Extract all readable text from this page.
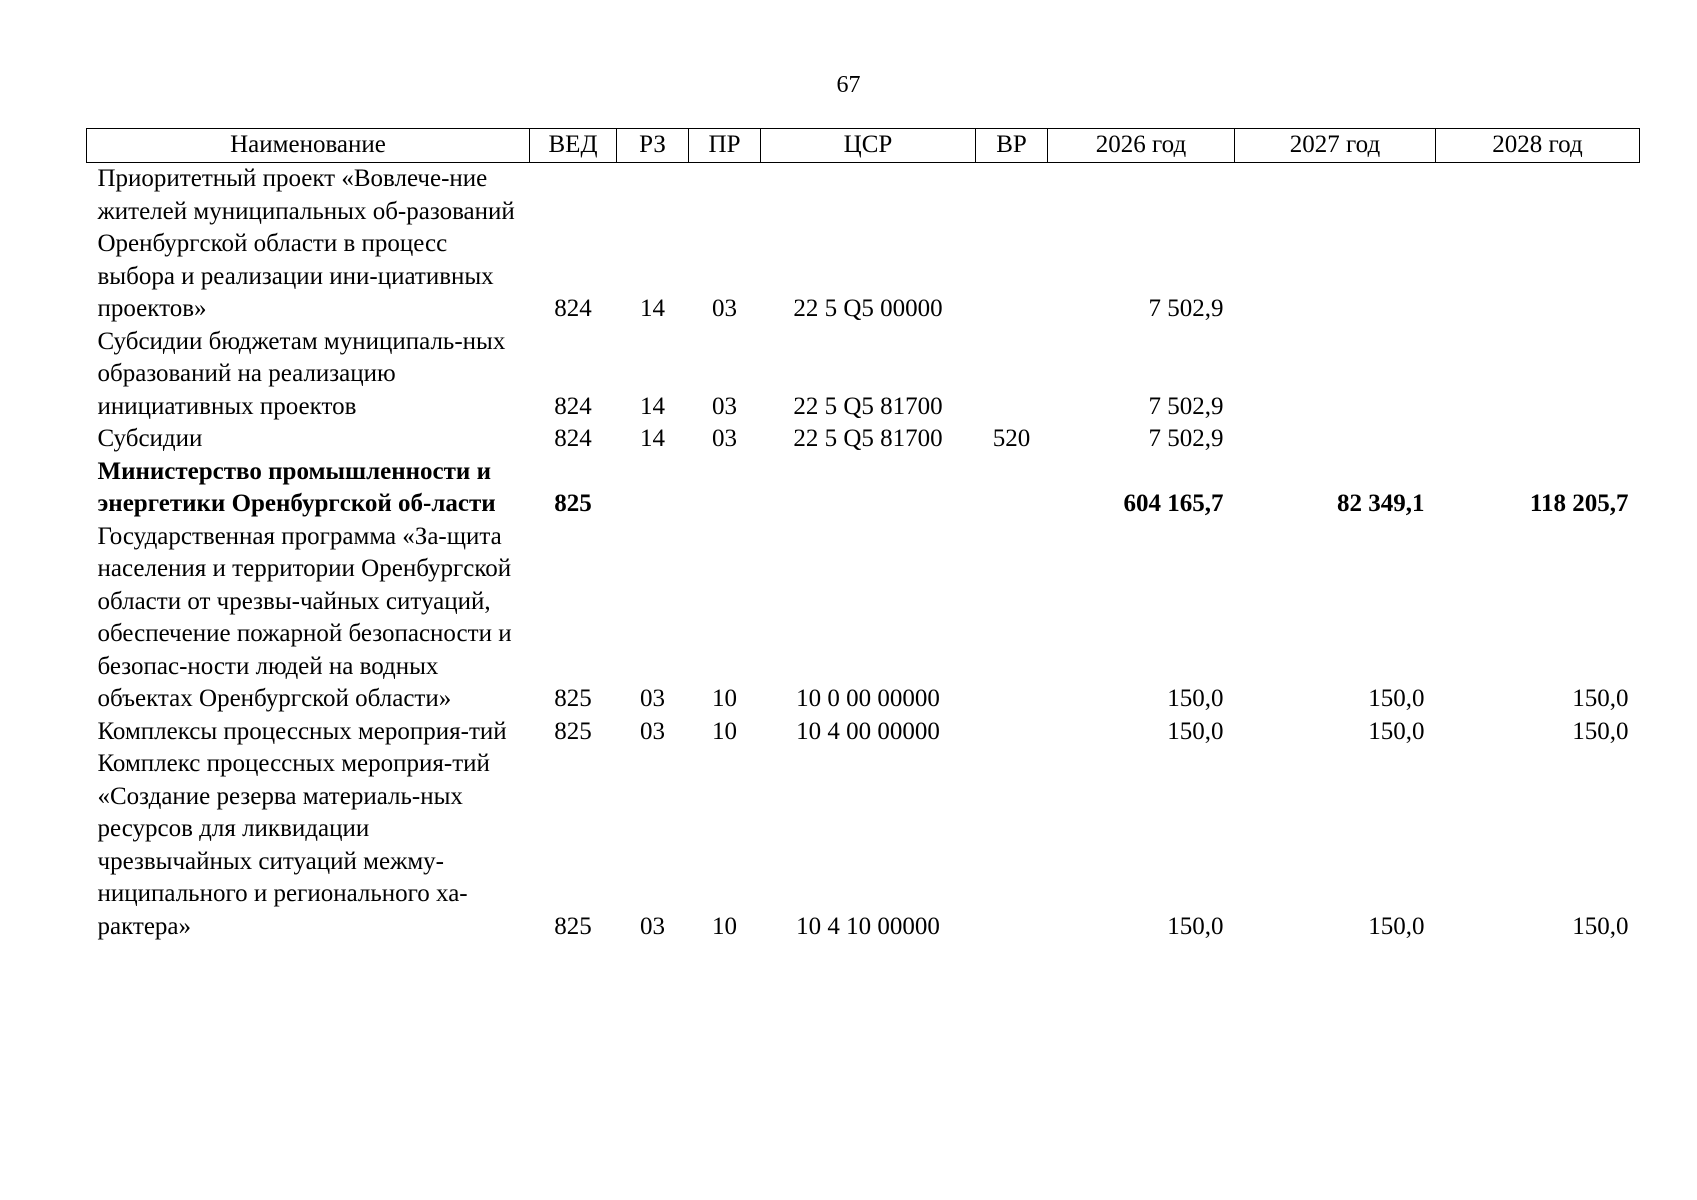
67
Наименование	ВЕД	РЗ	ПР	ЦСР	ВР	2026 год	2027 год	2028 год
Приоритетный проект «Вовлече-ние жителей муниципальных об-разований Оренбургской области в процесс выбора и реализации ини-циативных проектов»	824	14	03	22 5 Q5 00000		7 502,9		
Субсидии бюджетам муниципаль-ных образований на реализацию инициативных проектов	824	14	03	22 5 Q5 81700		7 502,9		
Субсидии	824	14	03	22 5 Q5 81700	520	7 502,9		
Министерство промышленности и энергетики Оренбургской об-ласти	825					604 165,7	82 349,1	118 205,7
Государственная программа «За-щита населения и территории Оренбургской области от чрезвы-чайных ситуаций, обеспечение пожарной безопасности и безопас-ности людей на водных объектах Оренбургской области»	825	03	10	10 0 00 00000		150,0	150,0	150,0
Комплексы процессных мероприя-тий	825	03	10	10 4 00 00000		150,0	150,0	150,0
Комплекс процессных мероприя-тий «Создание резерва материаль-ных ресурсов для ликвидации чрезвычайных ситуаций межму-ниципального и регионального ха-рактера»	825	03	10	10 4 10 00000		150,0	150,0	150,0
